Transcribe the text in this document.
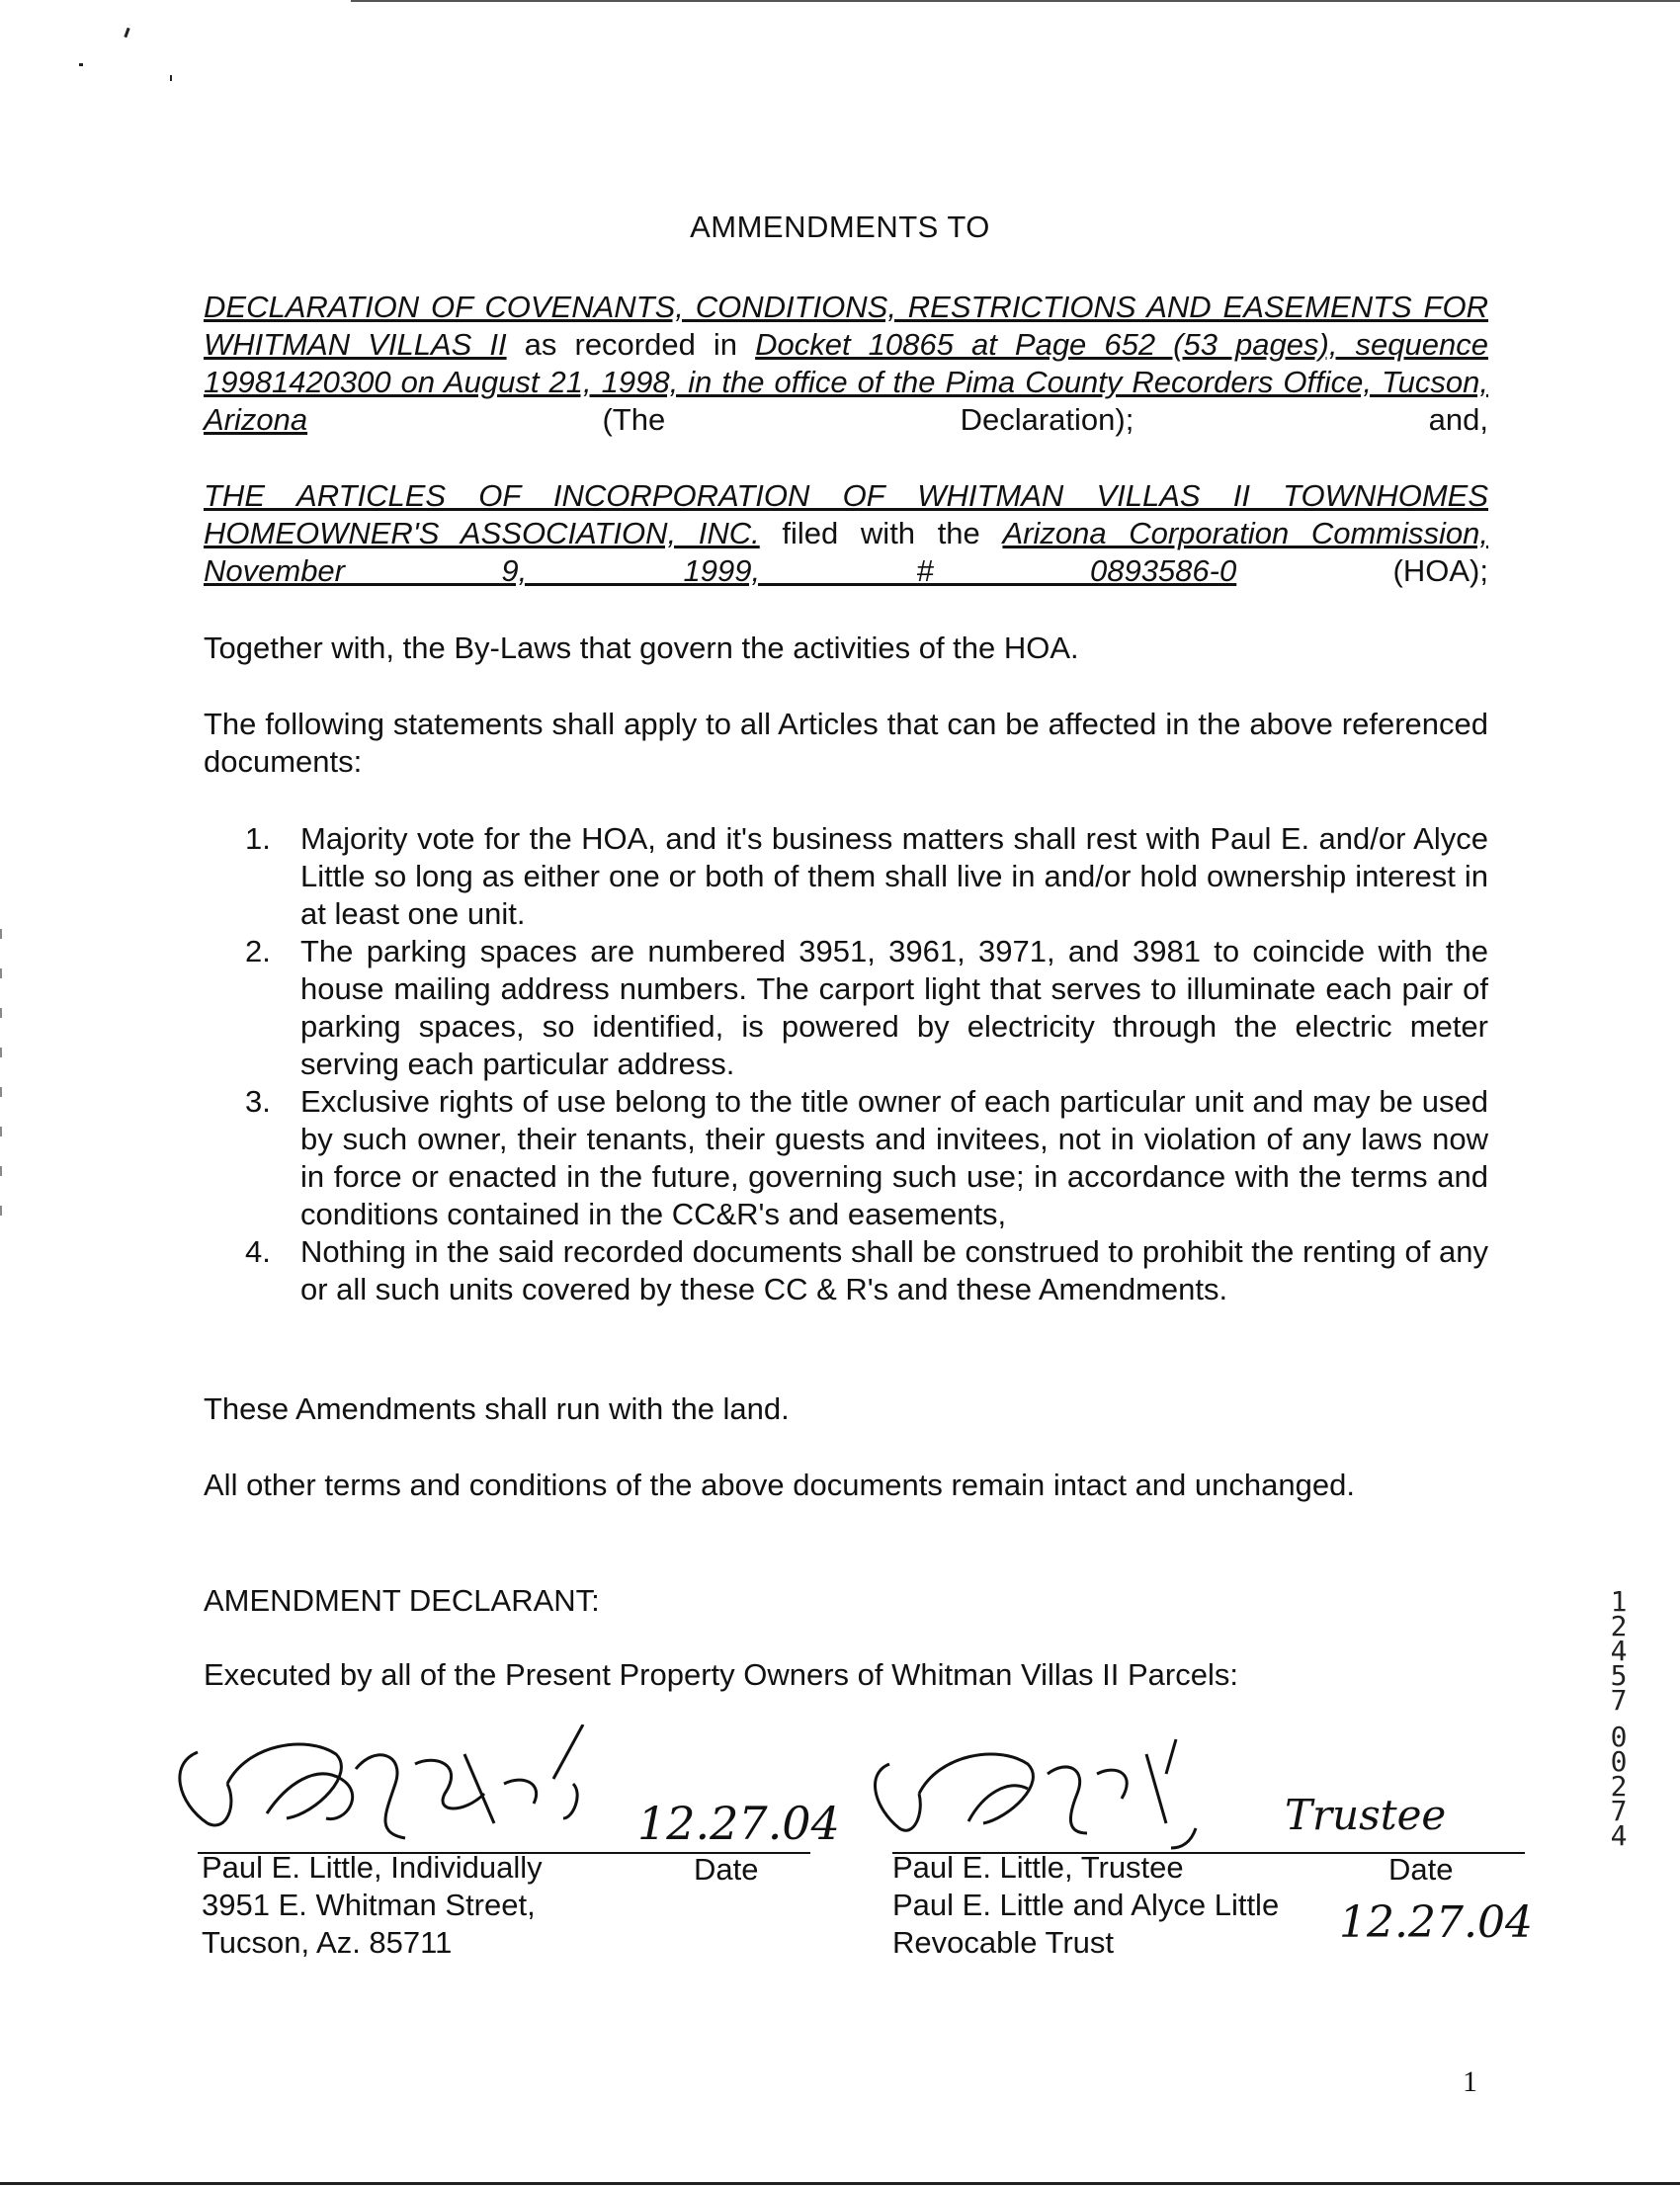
AMMENDMENTS TO

DECLARATION OF COVENANTS, CONDITIONS, RESTRICTIONS AND EASEMENTS FOR WHITMAN VILLAS II as recorded in Docket 10865 at Page 652 (53 pages), sequence 19981420300 on August 21, 1998, in the office of the Pima County Recorders Office, Tucson, Arizona (The Declaration); and,

THE ARTICLES OF INCORPORATION OF WHITMAN VILLAS II TOWNHOMES HOMEOWNER'S ASSOCIATION, INC. filed with the Arizona Corporation Commission, November 9, 1999, # 0893586-0 (HOA);

Together with, the By-Laws that govern the activities of the HOA.
The following statements shall apply to all Articles that can be affected in the above referenced documents:
1. Majority vote for the HOA, and it's business matters shall rest with Paul E. and/or Alyce Little so long as either one or both of them shall live in and/or hold ownership interest in at least one unit.
2. The parking spaces are numbered 3951, 3961, 3971, and 3981 to coincide with the house mailing address numbers. The carport light that serves to illuminate each pair of parking spaces, so identified, is powered by electricity through the electric meter serving each particular address.
3. Exclusive rights of use belong to the title owner of each particular unit and may be used by such owner, their tenants, their guests and invitees, not in violation of any laws now in force or enacted in the future, governing such use; in accordance with the terms and conditions contained in the CC&R's and easements,
4. Nothing in the said recorded documents shall be construed to prohibit the renting of any or all such units covered by these CC & R's and these Amendments.
These Amendments shall run with the land.
All other terms and conditions of the above documents remain intact and unchanged.
AMENDMENT DECLARANT:
Executed by all of the Present Property Owners of Whitman Villas II Parcels:
12.27.04
Paul E. Little, Individually
3951 E. Whitman Street,
Tucson, Az. 85711
Date
Trustee
Paul E. Little, Trustee
Paul E. Little and Alyce Little
Revocable Trust
Date
12.27.04
1
2
4
5
7
0
0
2
7
4
1
